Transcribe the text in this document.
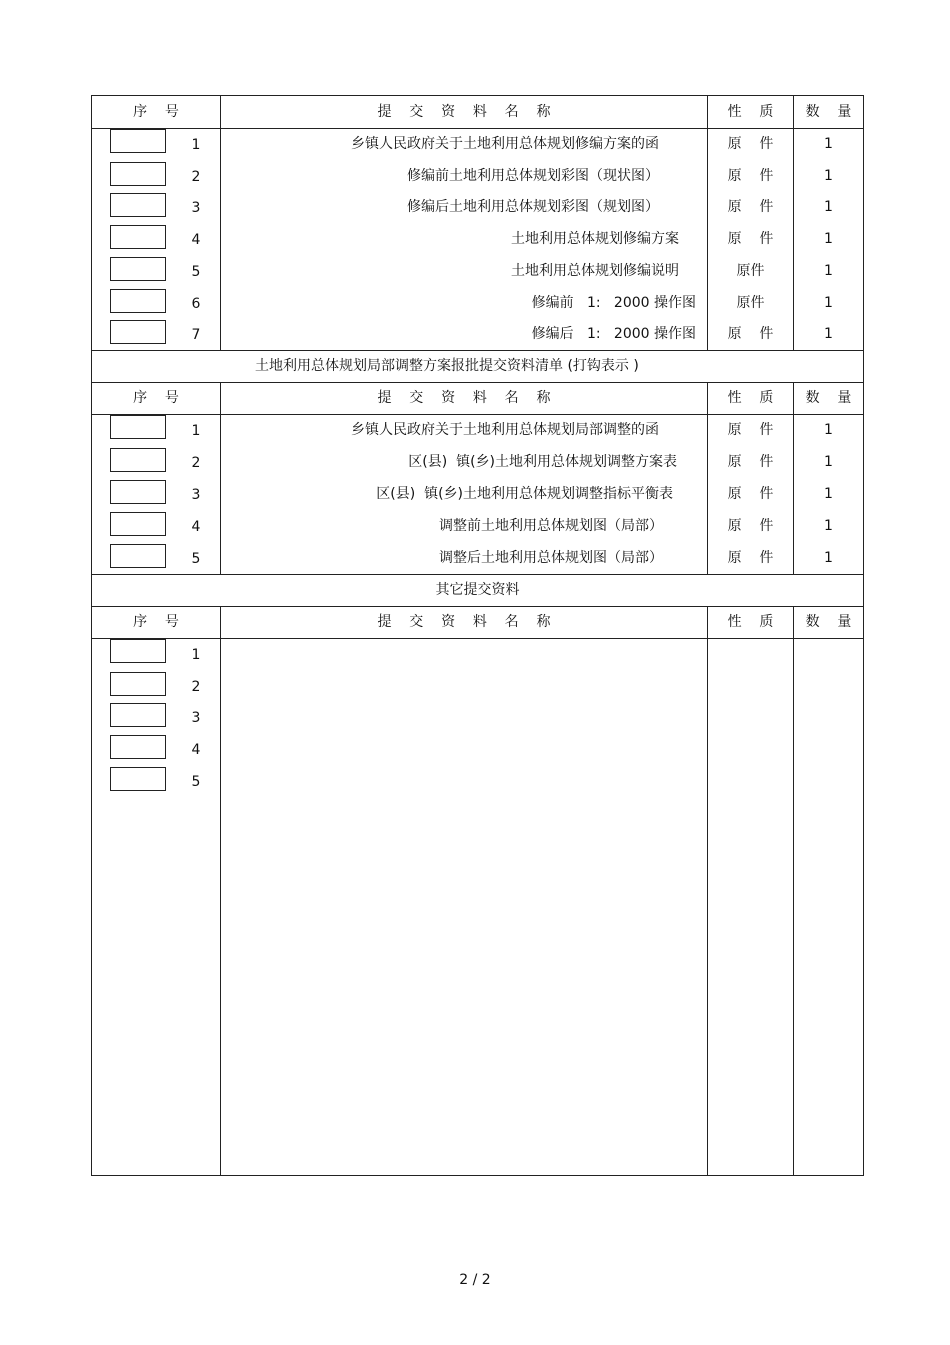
序    号	提    交    资    料    名    称	性    质	数    量
1	乡镇人民政府关于土地利用总体规划修编方案的函	原    件	1
2	修编前土地利用总体规划彩图（现状图）	原    件	1
3	修编后土地利用总体规划彩图（规划图）	原    件	1
4	土地利用总体规划修编方案	原    件	1
5	土地利用总体规划修编说明	原件	1
6	修编前   1:   2000 操作图	原件	1
7	修编后   1:   2000 操作图	原    件	1
土地利用总体规划局部调整方案报批提交资料清单 (打钩表示 )
序    号	提    交    资    料    名    称	性    质	数    量
1	乡镇人民政府关于土地利用总体规划局部调整的函	原    件	1
2	区(县)  镇(乡)土地利用总体规划调整方案表	原    件	1
3	区(县)  镇(乡)土地利用总体规划调整指标平衡表	原    件	1
4	调整前土地利用总体规划图（局部）	原    件	1
5	调整后土地利用总体规划图（局部）	原    件	1
其它提交资料
序    号	提    交    资    料    名    称	性    质	数    量
1
2
3
4
5
2 / 2
